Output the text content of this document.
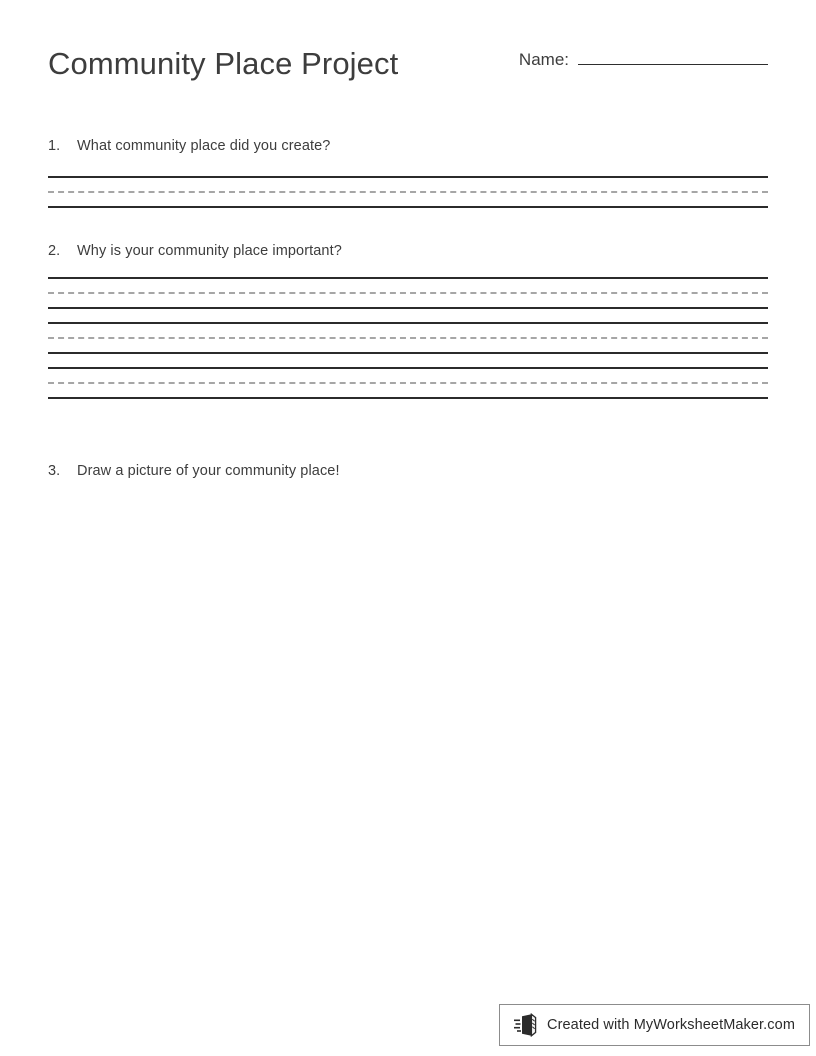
Community Place Project	Name:
1.	What community place did you create?
2.	Why is your community place important?
3.	Draw a picture of your community place!
Created with MyWorksheetMaker.com
